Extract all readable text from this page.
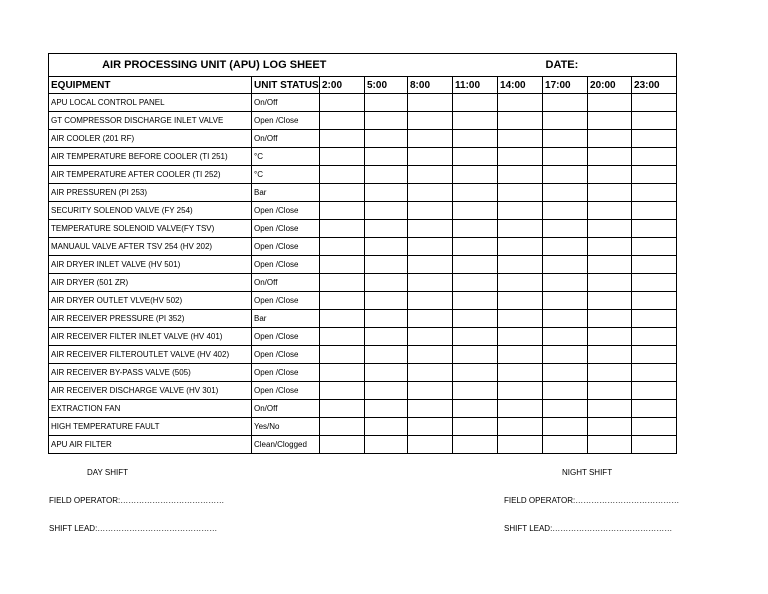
AIR PROCESSING UNIT (APU) LOG SHEET						DATE:			
EQUIPMENT	UNIT STATUS	2:00	5:00	8:00	11:00	14:00	17:00	20:00	23:00
APU LOCAL CONTROL PANEL	On/Off								
GT COMPRESSOR DISCHARGE INLET VALVE	Open /Close								
AIR COOLER (201 RF)	On/Off								
AIR TEMPERATURE BEFORE COOLER (TI 251)	°C								
AIR TEMPERATURE AFTER COOLER (TI 252)	°C								
AIR PRESSUREN (PI 253)	Bar								
SECURITY SOLENOD VALVE (FY 254)	Open /Close								
TEMPERATURE SOLENOID VALVE(FY TSV)	Open /Close								
MANUAUL VALVE AFTER TSV 254 (HV 202)	Open /Close								
AIR DRYER INLET VALVE (HV 501)	Open /Close								
AIR DRYER (501 ZR)	On/Off								
AIR DRYER OUTLET VLVE(HV 502)	Open /Close								
AIR RECEIVER PRESSURE (PI 352)	Bar								
AIR RECEIVER FILTER INLET VALVE (HV 401)	Open /Close								
AIR RECEIVER FILTEROUTLET VALVE (HV 402)	Open /Close								
AIR RECEIVER BY-PASS VALVE (505)	Open /Close								
AIR RECEIVER DISCHARGE VALVE (HV 301)	Open /Close								
EXTRACTION FAN	On/Off								
HIGH TEMPERATURE FAULT	Yes/No								
APU AIR FILTER	Clean/Clogged								
DAY SHIFT	NIGHT SHIFT
FIELD OPERATOR:…………………………………	FIELD OPERATOR:…………………………………
SHIFT LEAD:………………………………………	SHIFT LEAD:………………………………………
